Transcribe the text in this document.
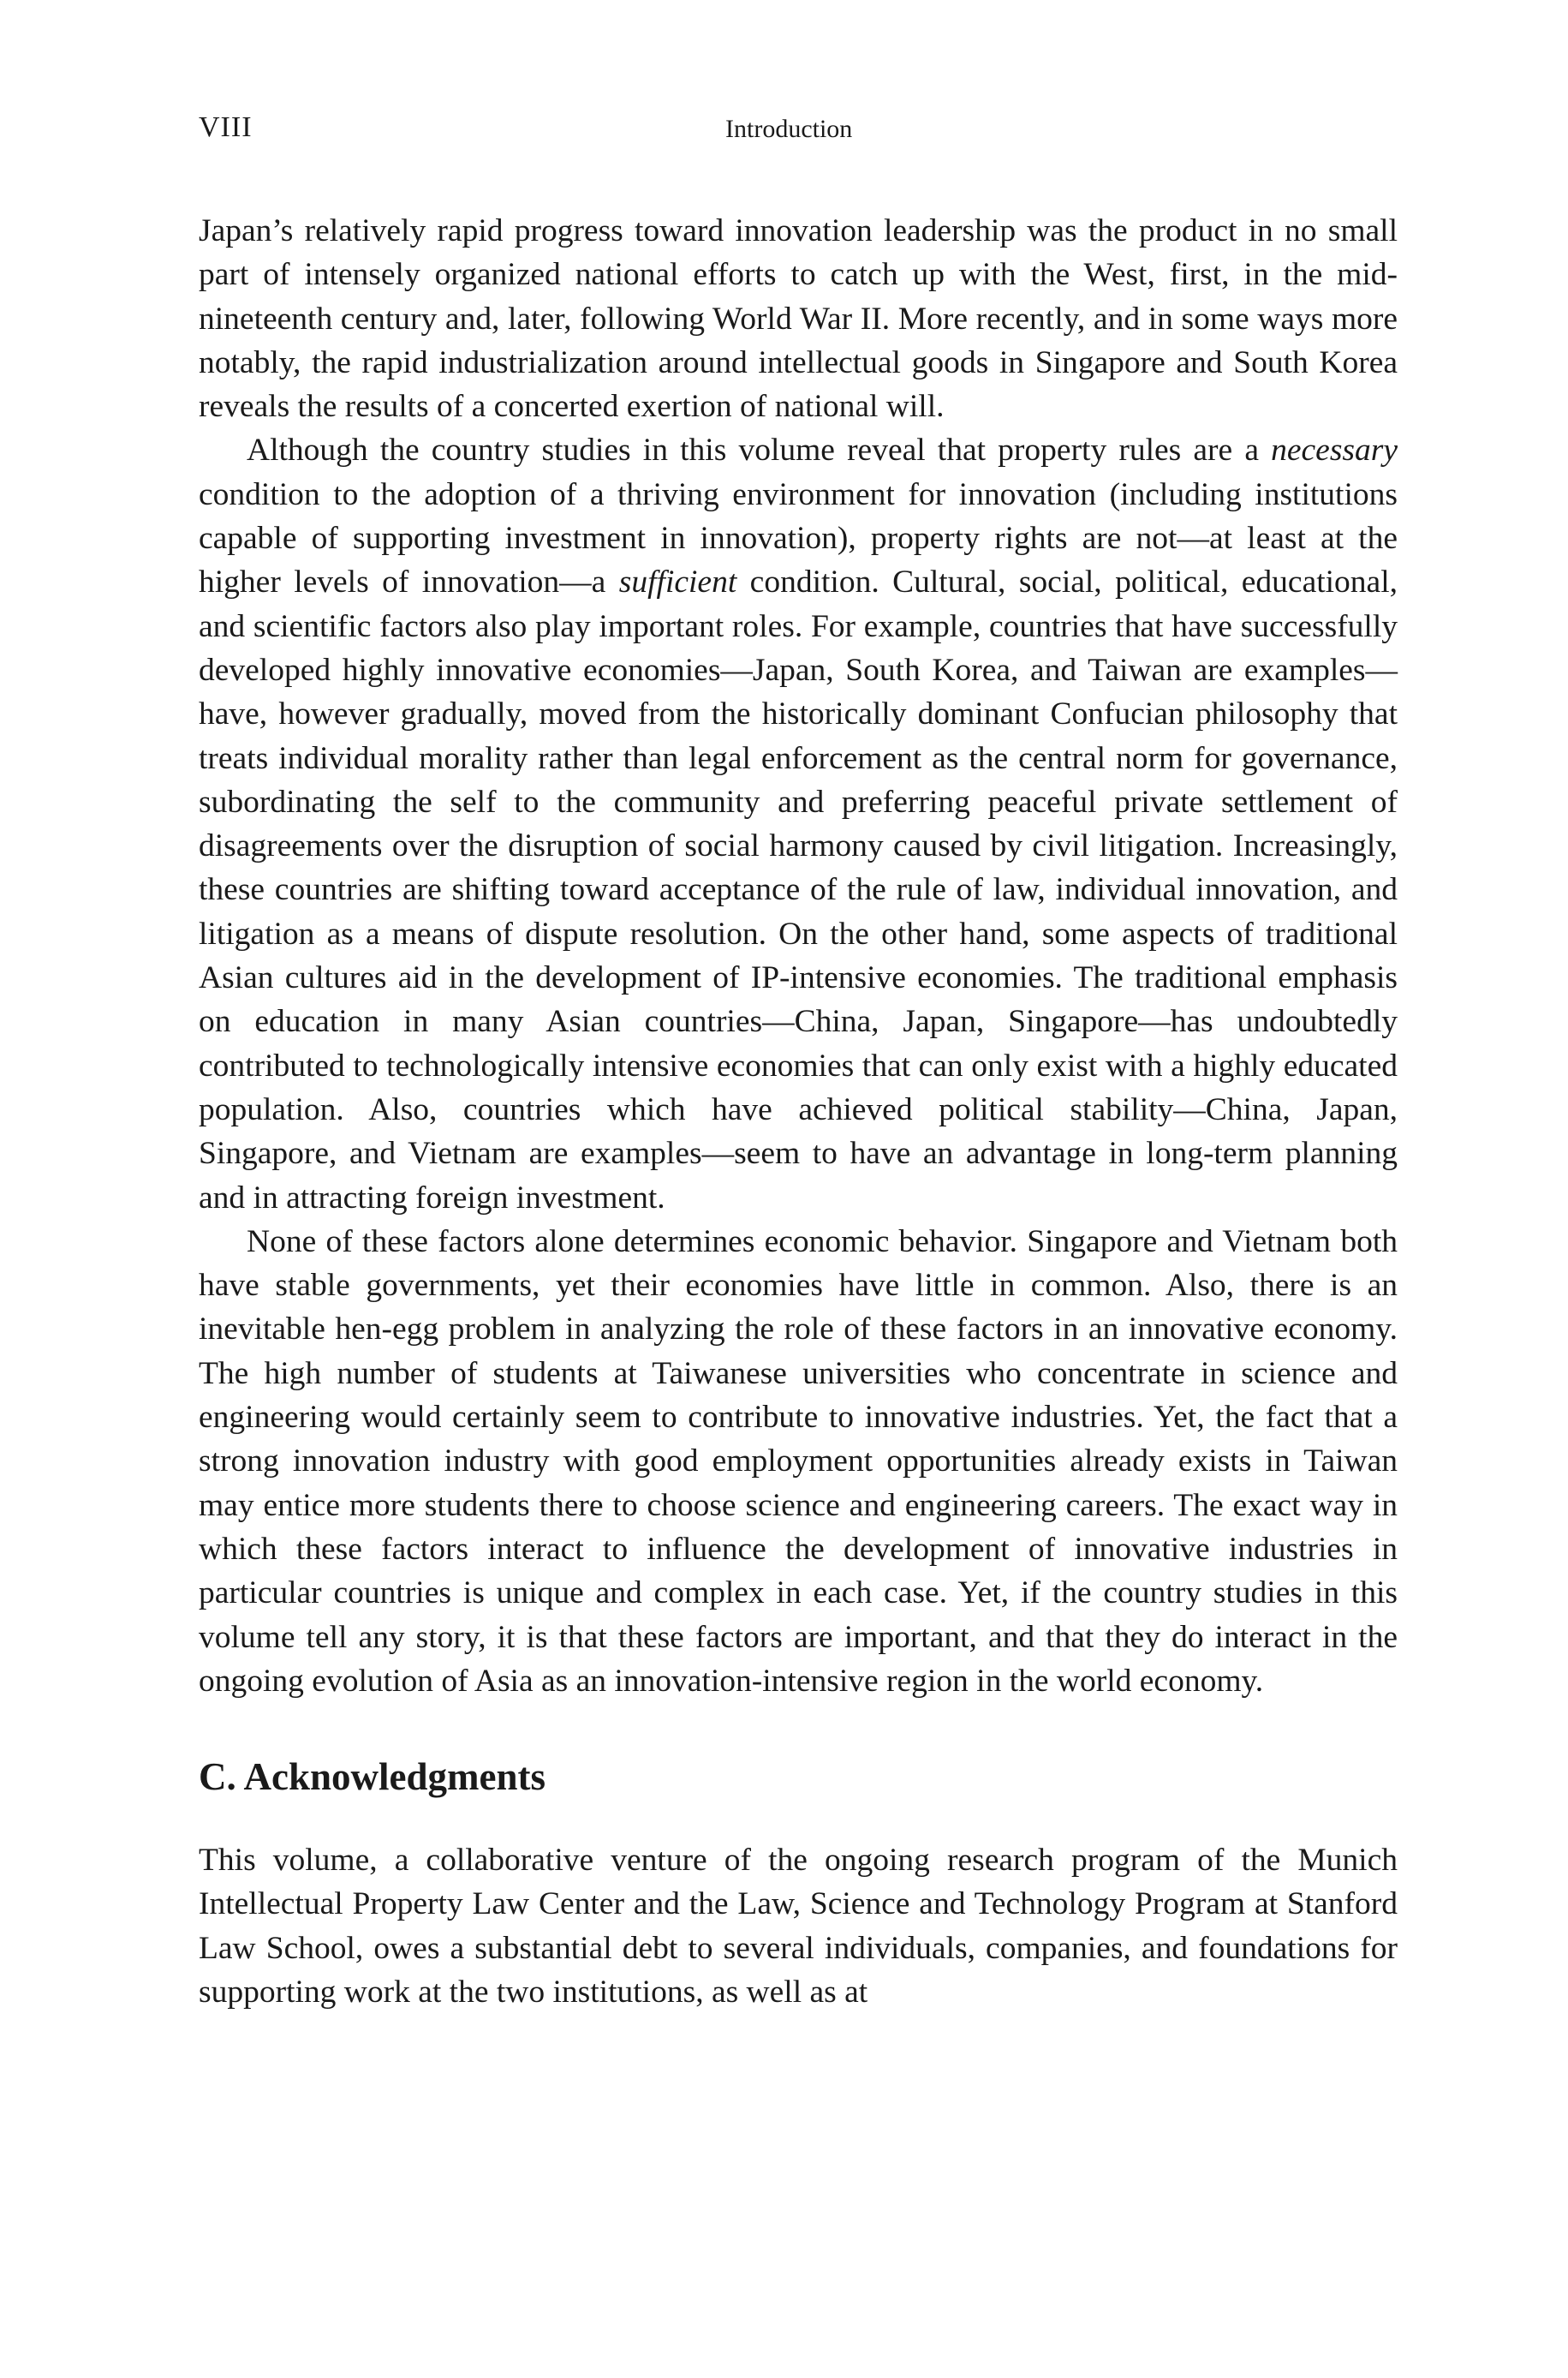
VIII	Introduction

Japan’s relatively rapid progress toward innovation leadership was the product in no small part of intensely organized national efforts to catch up with the West, first, in the mid-nineteenth century and, later, following World War II. More recently, and in some ways more notably, the rapid industrialization around intellectual goods in Singapore and South Korea reveals the results of a concerted exertion of national will.

Although the country studies in this volume reveal that property rules are a necessary condition to the adoption of a thriving environment for innovation (including institutions capable of supporting investment in innovation), property rights are not—at least at the higher levels of innovation—a sufficient condition. Cultural, social, political, educational, and scientific factors also play important roles. For example, countries that have successfully developed highly innovative economies—Japan, South Korea, and Taiwan are examples—have, however gradually, moved from the historically dominant Confucian philosophy that treats individual morality rather than legal enforcement as the central norm for governance, subordinating the self to the community and preferring peaceful private settlement of disagreements over the disruption of social harmony caused by civil litigation. Increasingly, these countries are shifting toward acceptance of the rule of law, individual innovation, and litigation as a means of dispute resolution. On the other hand, some aspects of traditional Asian cultures aid in the development of IP-intensive economies. The traditional emphasis on education in many Asian countries—China, Japan, Singapore—has undoubtedly contributed to technologically intensive economies that can only exist with a highly educated population. Also, countries which have achieved political stability—China, Japan, Singapore, and Vietnam are examples—seem to have an advantage in long-term planning and in attracting foreign investment.

None of these factors alone determines economic behavior. Singapore and Vietnam both have stable governments, yet their economies have little in common. Also, there is an inevitable hen-egg problem in analyzing the role of these factors in an innovative economy. The high number of students at Taiwanese universities who concentrate in science and engineering would certainly seem to contribute to innovative industries. Yet, the fact that a strong innovation industry with good employment opportunities already exists in Taiwan may entice more students there to choose science and engineering careers. The exact way in which these factors interact to influence the development of innovative industries in particular countries is unique and complex in each case. Yet, if the country studies in this volume tell any story, it is that these factors are important, and that they do interact in the ongoing evolution of Asia as an innovation-intensive region in the world economy.

C. Acknowledgments

This volume, a collaborative venture of the ongoing research program of the Munich Intellectual Property Law Center and the Law, Science and Technology Program at Stanford Law School, owes a substantial debt to several individuals, companies, and foundations for supporting work at the two institutions, as well as at
